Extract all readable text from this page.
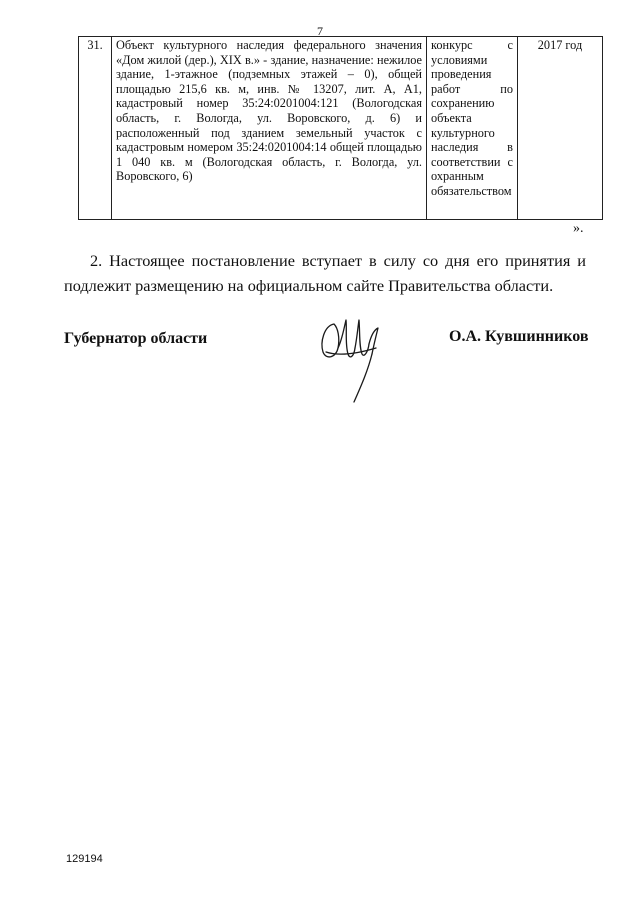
7
31.	Объект культурного наследия федерального значения «Дом жилой (дер.), XIX в.» - здание, назначение: нежилое здание, 1-этажное (подземных этажей – 0), общей площадью 215,6 кв. м, инв. № 13207, лит. А, А1, кадастровый номер 35:24:0201004:121 (Вологодская область, г. Вологда, ул. Воровского, д. 6) и расположенный под зданием земельный участок с кадастровым номером 35:24:0201004:14 общей площадью 1 040 кв. м (Вологодская область, г. Вологда, ул. Воровского, 6)	конкурс с условиями проведения работ по сохранению объекта культурного наследия в соответствии с охранным обязательством	2017 год
».
2. Настоящее постановление вступает в силу со дня его принятия и подлежит размещению на официальном сайте Правительства области.
Губернатор области	О.А. Кувшинников
129194
